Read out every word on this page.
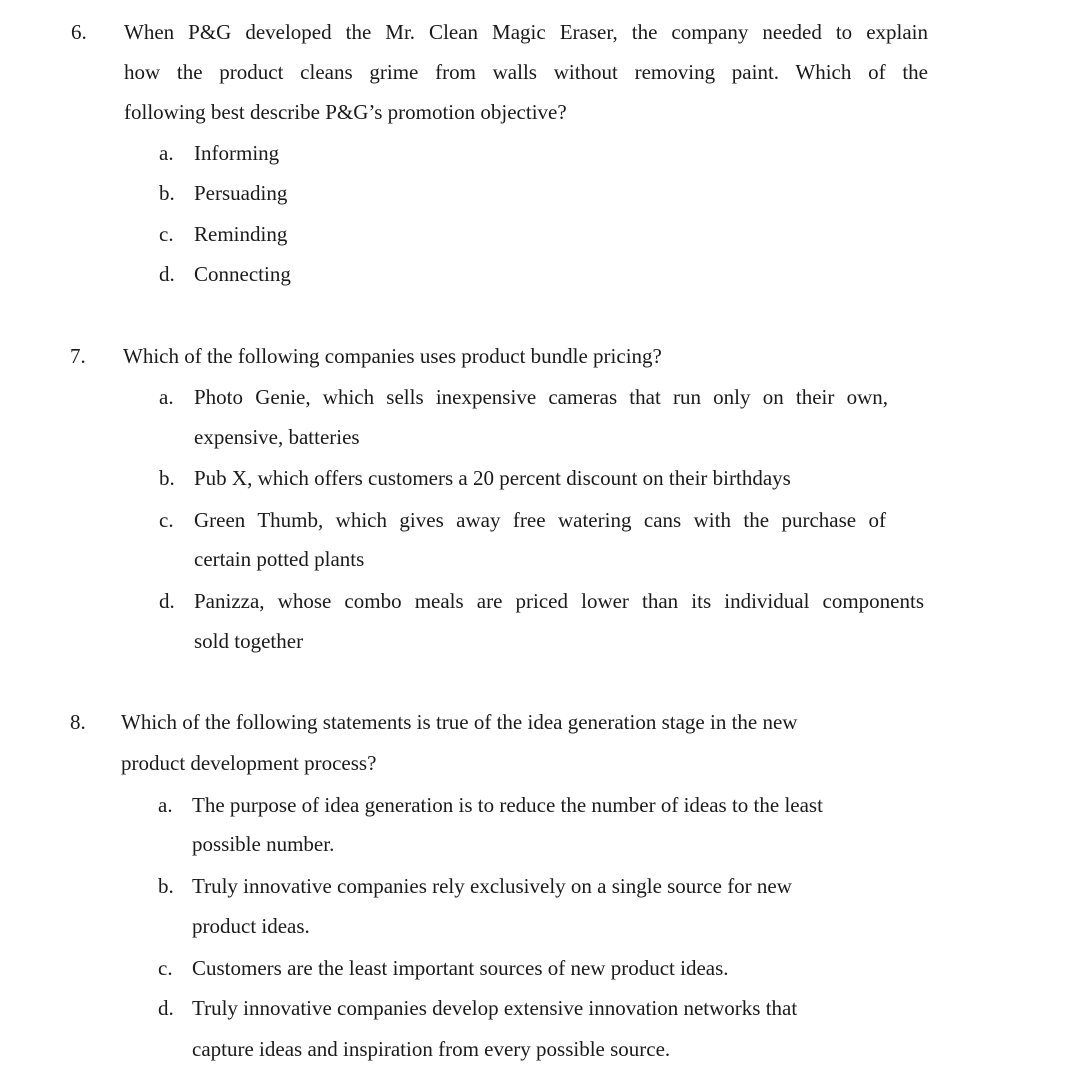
6. When P&G developed the Mr. Clean Magic Eraser, the company needed to explain
how the product cleans grime from walls without removing paint. Which of the
following best describe P&G’s promotion objective?
a. Informing
b. Persuading
c. Reminding
d. Connecting
7. Which of the following companies uses product bundle pricing?
a. Photo Genie, which sells inexpensive cameras that run only on their own,
expensive, batteries
b. Pub X, which offers customers a 20 percent discount on their birthdays
c. Green Thumb, which gives away free watering cans with the purchase of
certain potted plants
d. Panizza, whose combo meals are priced lower than its individual components
sold together
8. Which of the following statements is true of the idea generation stage in the new
product development process?
a. The purpose of idea generation is to reduce the number of ideas to the least
possible number.
b. Truly innovative companies rely exclusively on a single source for new
product ideas.
c. Customers are the least important sources of new product ideas.
d. Truly innovative companies develop extensive innovation networks that
capture ideas and inspiration from every possible source.
